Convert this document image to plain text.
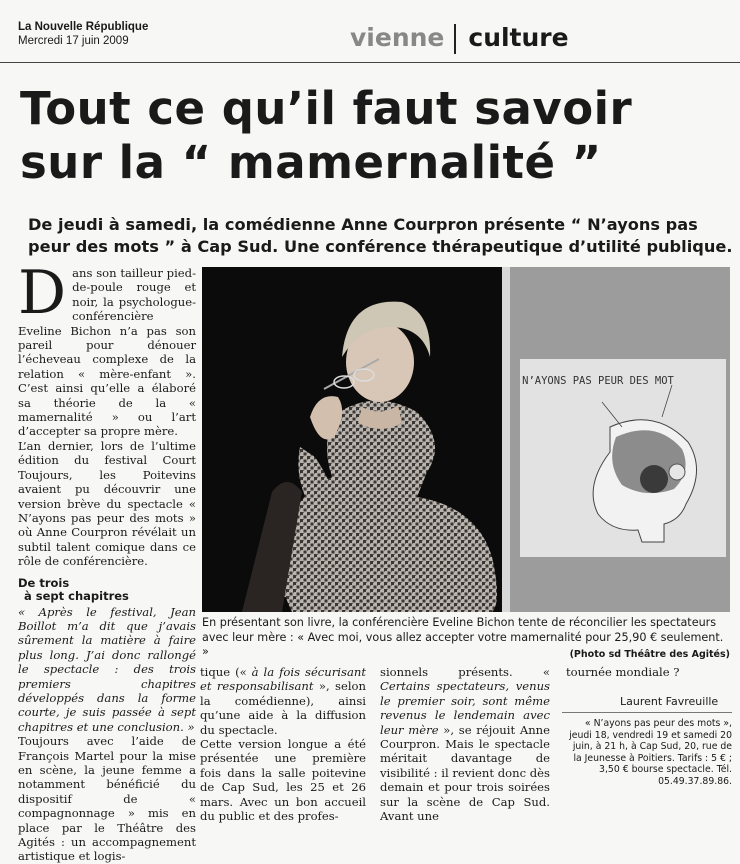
La Nouvelle République
Mercredi 17 juin 2009	vienne culture
Tout ce qu’il faut savoir sur la “ mamernalité ”
De jeudi à samedi, la comédienne Anne Courpron présente “ N’ayons pas peur des mots ” à Cap Sud. Une conférence thérapeutique d’utilité publique.

Dans son tailleur pied-de-poule rouge et noir, la psychologue-conférencière Eveline Bichon n’a pas son pareil pour dénouer l’écheveau complexe de la relation « mère-enfant ». C’est ainsi qu’elle a élaboré sa théorie de la « mamernalité » ou l’art d’accepter sa propre mère.

L’an dernier, lors de l’ultime édition du festival Court Toujours, les Poitevins avaient pu découvrir une version brève du spectacle « N’ayons pas peur des mots » où Anne Courpron révélait un subtil talent comique dans ce rôle de conférencière.

De trois
à sept chapitres

« Après le festival, Jean Boillot m’a dit que j’avais sûrement la matière à faire plus long. J’ai donc rallongé le spectacle : des trois premiers chapitres développés dans la forme courte, je suis passée à sept chapitres et une conclusion. »

Toujours avec l’aide de François Martel pour la mise en scène, la jeune femme a notamment bénéficié du dispositif de « compagnonnage » mis en place par le Théâtre des Agités : un accompagnement artistique et logis-

N’AYONS PAS PEUR DES MOT
En présentant son livre, la conférencière Eveline Bichon tente de réconcilier les spectateurs avec leur mère : « Avec moi, vous allez accepter votre mamernalité pour 25,90 € seulement. »	(Photo sd Théâtre des Agités)

tique (« à la fois sécurisant et responsabilisant », selon la comédienne), ainsi qu’une aide à la diffusion du spectacle.

Cette version longue a été présentée une première fois dans la salle poitevine de Cap Sud, les 25 et 26 mars. Avec un bon accueil du public et des profes-

sionnels présents. « Certains spectateurs, venus le premier soir, sont même revenus le lendemain avec leur mère », se réjouit Anne Courpron. Mais le spectacle méritait davantage de visibilité : il revient donc dès demain et pour trois soirées sur la scène de Cap Sud. Avant une

tournée mondiale ?

Laurent Favreuille
« N’ayons pas peur des mots », jeudi 18, vendredi 19 et samedi 20 juin, à 21 h, à Cap Sud, 20, rue de la Jeunesse à Poitiers. Tarifs : 5 € ; 3,50 € bourse spectacle. Tél. 05.49.37.89.86.
